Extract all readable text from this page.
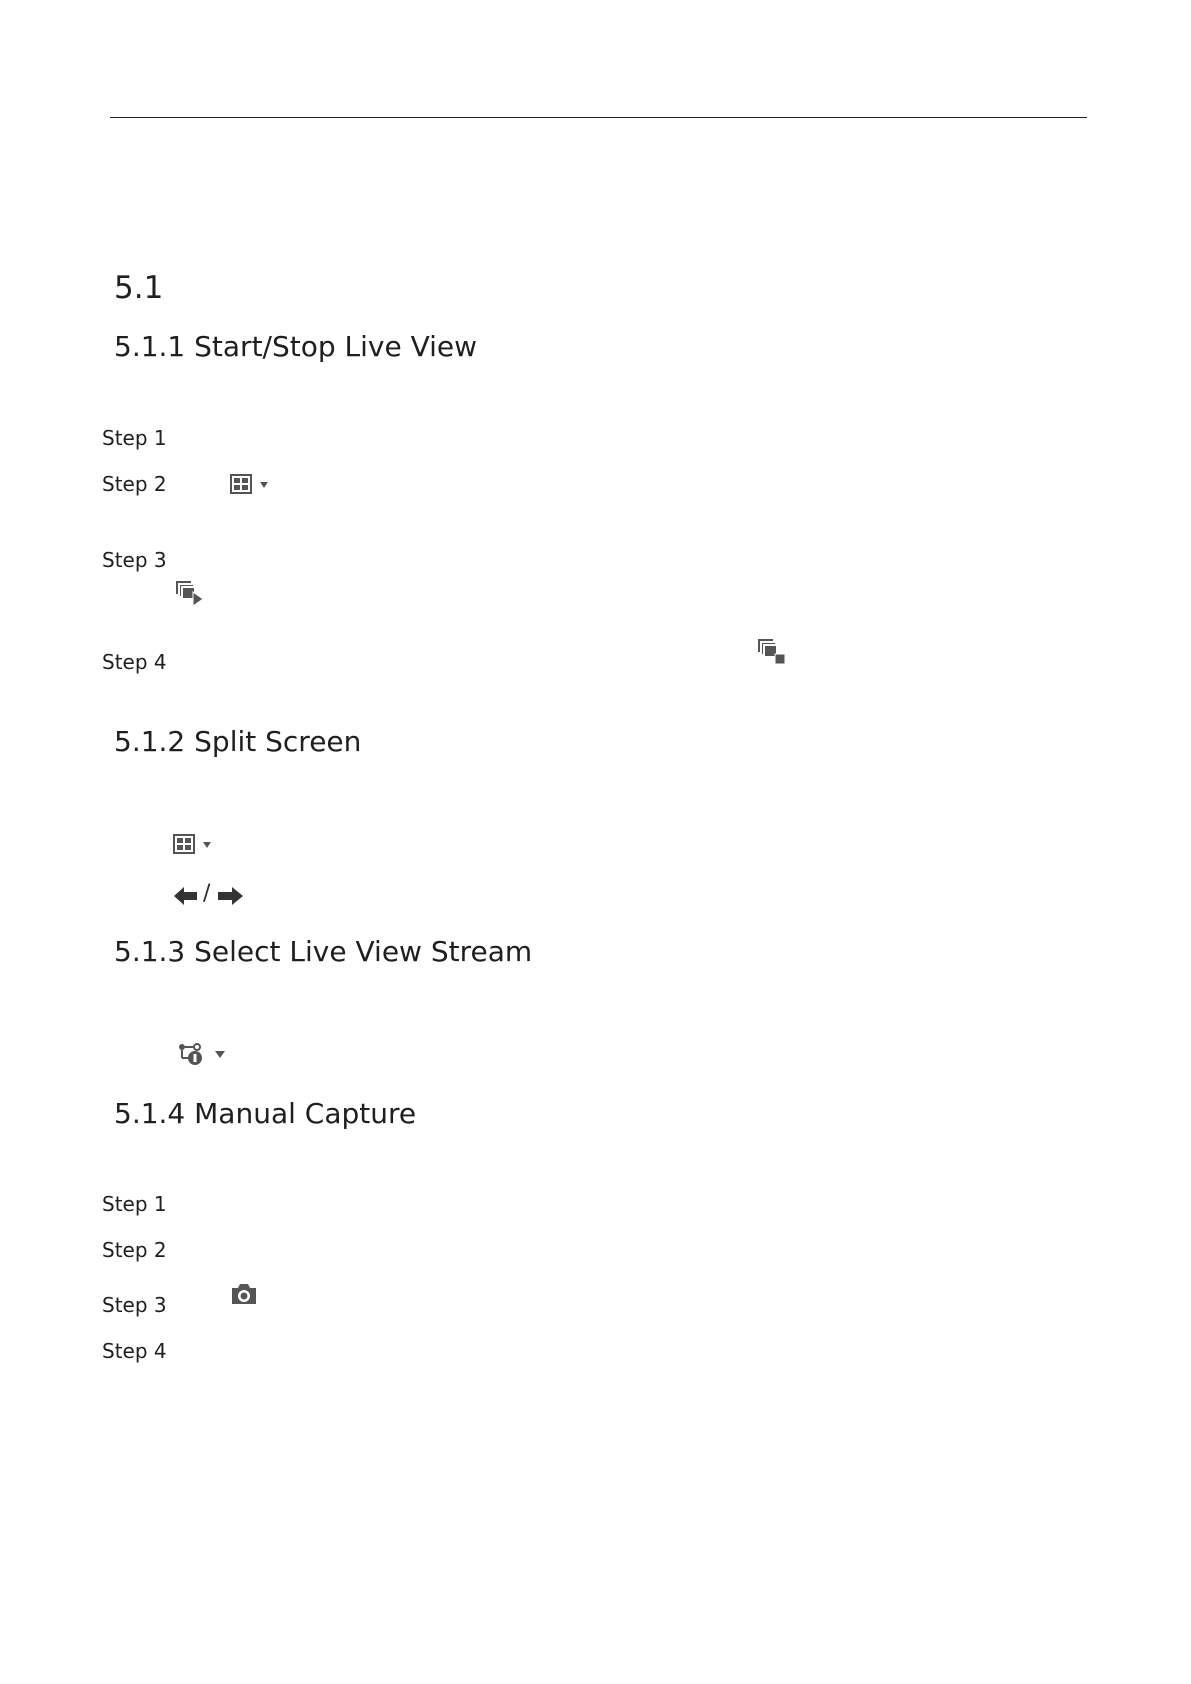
5.1
5.1.1 Start/Stop Live View
Step 1
Step 2
Step 3
Step 4
5.1.2 Split Screen
/
5.1.3 Select Live View Stream
5.1.4 Manual Capture
Step 1
Step 2
Step 3
Step 4
